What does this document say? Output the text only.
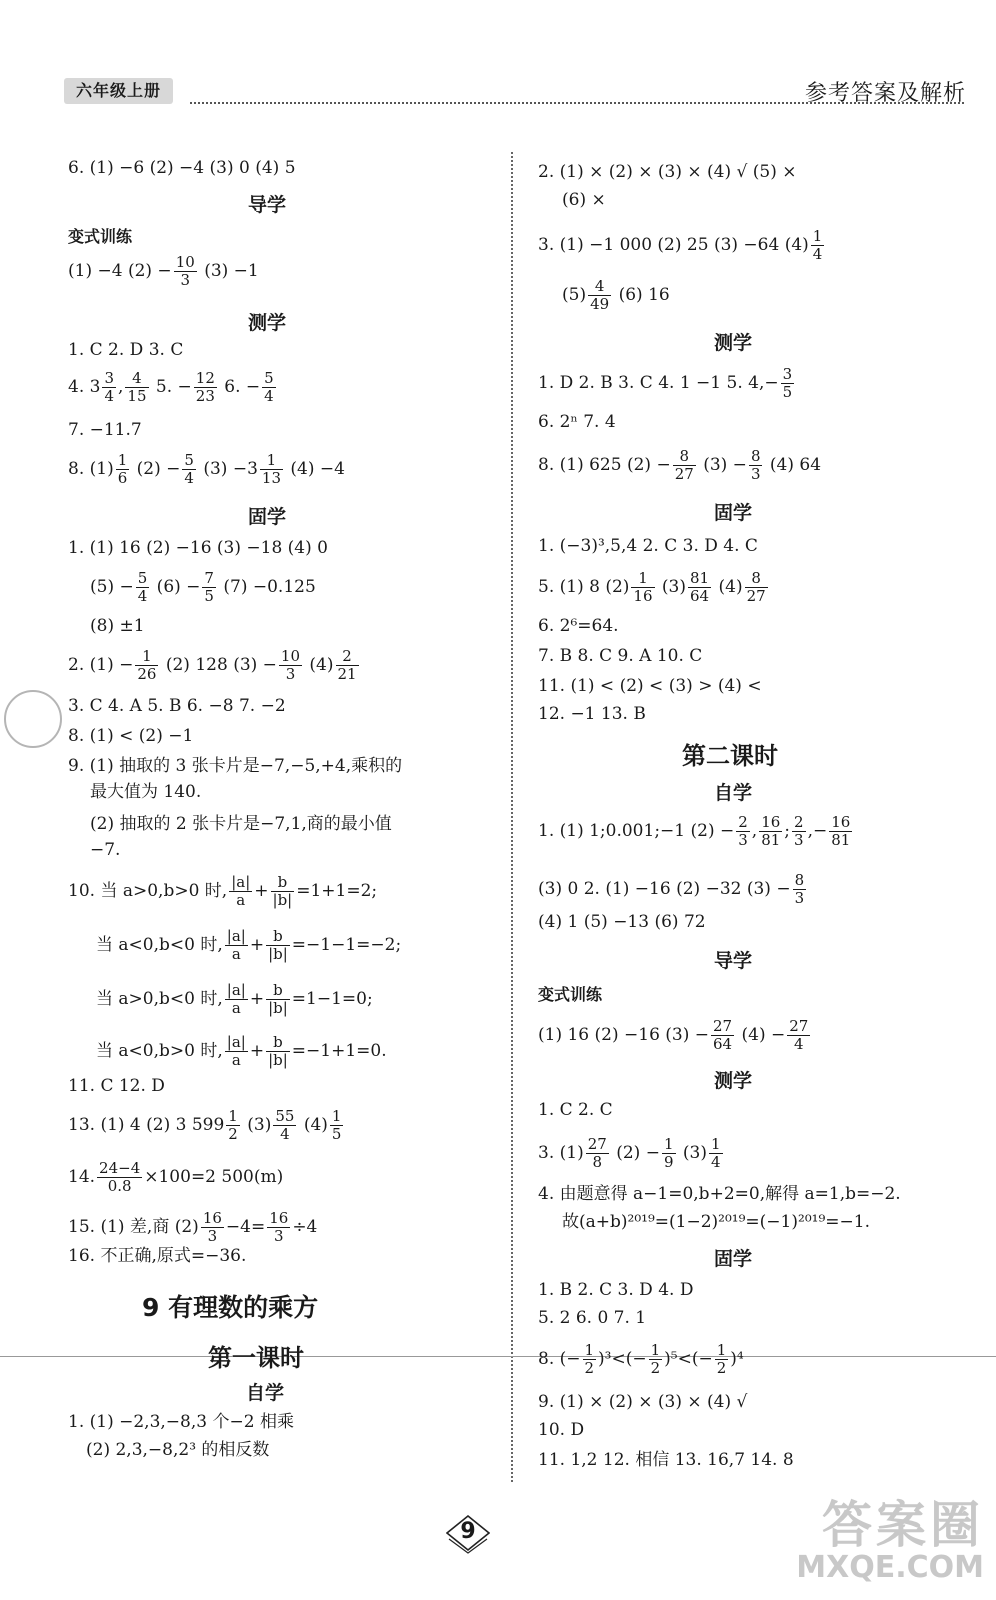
六年级上册	参考答案及解析
6. (1) −6 (2) −4 (3) 0 (4) 5
导学
变式训练
(1) −4 $(2) - \frac{10}{3} (3) -1$
测学
1. C 2. D 3. C
4. $3 \frac{3}{4}$ , $\frac{4}{15} 5$. − $\frac{12}{23} 6$. − $\frac{5}{4}$
7. −11.7
8. $(1) \frac{1}{6} (2) - \frac{5}{4} (3) -3 \frac{1}{13} (4) -4$
固学
1. (1) 16 (2) −16 (3) −18 (4) 0
$(5) - \frac{5}{4} (6) - \frac{7}{5} (7) -0.125$
(8) ±1
2. $(1) - \frac{1}{26} (2)$ 128 $(3) - \frac{10}{3} (4) \frac{2}{21}$
3. C 4. A 5. B 6. −8 7. −2
8. (1) < (2) −1
9. (1) 抽取的 3 张卡片是−7,−5,+4,乘积的
最大值为 140.
(2) 抽取的 2 张卡片是−7,1,商的最小值
−7.
10. 当 a>0,b>0 时, $\frac{|a|}{a} + \frac{b}{|b|} =1+1=2$;
当 a<0,b<0 时, $\frac{|a|}{a} + \frac{b}{|b|} =-1-1=-2$;
当 a>0,b<0 时, $\frac{|a|}{a} + \frac{b}{|b|} =1-1=0$;
当 a<0,b>0 时, $\frac{|a|}{a} + \frac{b}{|b|} =-1+1=0$.
11. C 12. D
13. (1) 4 (2) 3 $599 \frac{1}{2} (3) \frac{55}{4} (4) \frac{1}{5}$
14. $\frac{24-4}{0.8} \times 100=2$ 500(m)
15. (1) 差,商 $(2) \frac{16}{3} -4= \frac{16}{3} \div 4$
16. 不正确,原式=−36.
9 有理数的乘方
第一课时
自学
1. (1) −2,3,−8,3 个−2 相乘
(2) 2,3,−8,2³ 的相反数
2. (1) × (2) × (3) × (4) √ (5) ×
(6) ×
3. (1) −1 000 (2) 25 (3) −64 $(4) \frac{1}{4}$
$(5) \frac{4}{49} (6)$ 16
测学
1. D 2. B 3. C 4. 1 −1 5. $4,- \frac{3}{5}$
6. 2ⁿ 7. 4
8. (1) 625 $(2) - \frac{8}{27} (3) - \frac{8}{3} (4)$ 64
固学
1. (−3)³,5,4 2. C 3. D 4. C
5. (1) 8 $(2) \frac{1}{16} (3) \frac{81}{64} (4) \frac{8}{27}$
6. 2⁶=64.
7. B 8. C 9. A 10. C
11. (1) < (2) < (3) > (4) <
12. −1 13. B
第二课时
自学
1. (1) 1;0.001;−1 $(2) - \frac{2}{3}$ , $\frac{16}{81}$ ; $\frac{2}{3}$ ,− $\frac{16}{81}$
(3) 0 2. (1) −16 (2) −32 $(3) - \frac{8}{3}$
(4) 1 (5) −13 (6) 72
导学
变式训练
(1) 16 (2) −16 $(3) - \frac{27}{64} (4) - \frac{27}{4}$
测学
1. C 2. C
3. $(1) \frac{27}{8} (2) - \frac{1}{9} (3) \frac{1}{4}$
4. 由题意得 a−1=0,b+2=0,解得 a=1,b=−2.
故(a+b)²⁰¹⁹=(1−2)²⁰¹⁹=(−1)²⁰¹⁹=−1.
固学
1. B 2. C 3. D 4. D
5. 2 6. 0 7. 1
8. (− $\frac{1}{2} )^3<(- \frac{1}{2} )^5<(- \frac{1}{2} )^4$
9. (1) × (2) × (3) × (4) √
10. D
11. 1,2 12. 相信 13. 16,7 14. 8
9	答案圈
MXQE.COM
